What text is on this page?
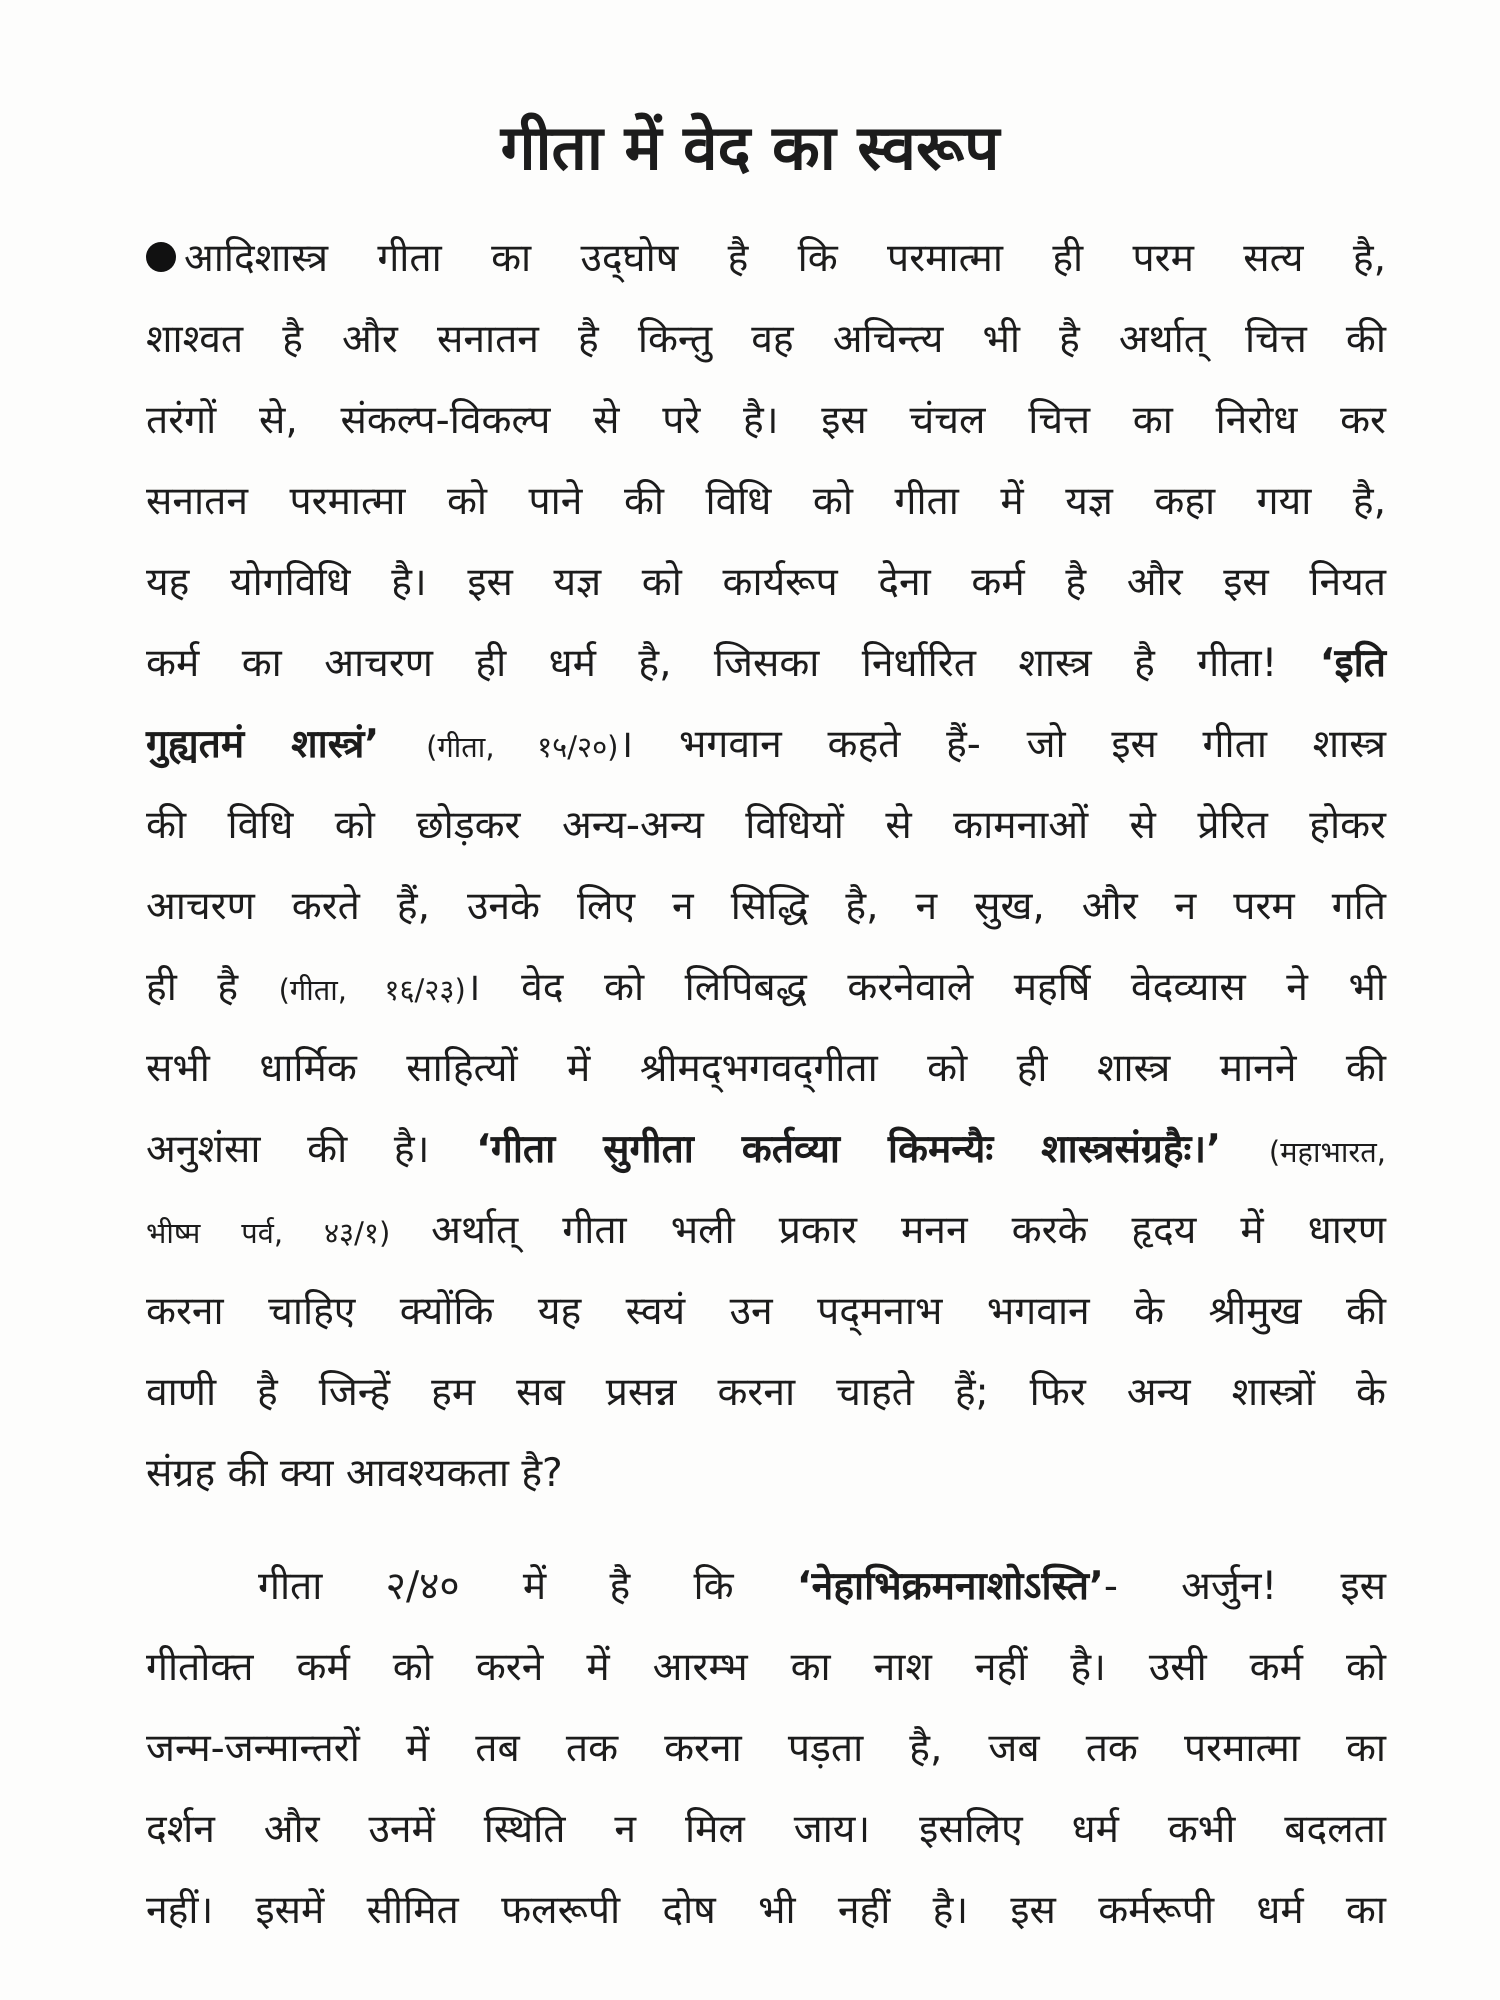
गीता में वेद का स्वरूप
आदिशास्त्र गीता का उद्‌घोष है कि परमात्मा ही परम सत्य है,
शाश्वत है और सनातन है किन्तु वह अचिन्त्य भी है अर्थात्‌ चित्त की
तरंगों से, संकल्प-विकल्प से परे है। इस चंचल चित्त का निरोध कर
सनातन परमात्मा को पाने की विधि को गीता में यज्ञ कहा गया है,
यह योगविधि है। इस यज्ञ को कार्यरूप देना कर्म है और इस नियत
कर्म का आचरण ही धर्म है, जिसका निर्धारित शास्त्र है गीता! ‘इति
गुह्यतमं शास्त्रं’ (गीता, १५/२०)। भगवान कहते हैं- जो इस गीता शास्त्र
की विधि को छोड़कर अन्य-अन्य विधियों से कामनाओं से प्रेरित होकर
आचरण करते हैं, उनके लिए न सिद्धि है, न सुख, और न परम गति
ही है (गीता, १६/२३)। वेद को लिपिबद्ध करनेवाले महर्षि वेदव्यास ने भी
सभी धार्मिक साहित्यों में श्रीमद्‌भगवद्‌गीता को ही शास्त्र मानने की
अनुशंसा की है। ‘गीता सुगीता कर्तव्या किमन्यैः शास्त्रसंग्रहैः।’ (महाभारत,
भीष्म पर्व, ४३/१) अर्थात्‌ गीता भली प्रकार मनन करके हृदय में धारण
करना चाहिए क्योंकि यह स्वयं उन पद्‌मनाभ भगवान के श्रीमुख की
वाणी है जिन्हें हम सब प्रसन्न करना चाहते हैं; फिर अन्य शास्त्रों के
संग्रह की क्या आवश्यकता है?
गीता २/४० में है कि ‘नेहाभिक्रमनाशोऽस्ति’- अर्जुन! इस
गीतोक्त कर्म को करने में आरम्भ का नाश नहीं है। उसी कर्म को
जन्म-जन्मान्तरों में तब तक करना पड़ता है, जब तक परमात्मा का
दर्शन और उनमें स्थिति न मिल जाय। इसलिए धर्म कभी बदलता
नहीं। इसमें सीमित फलरूपी दोष भी नहीं है। इस कर्मरूपी धर्म का
